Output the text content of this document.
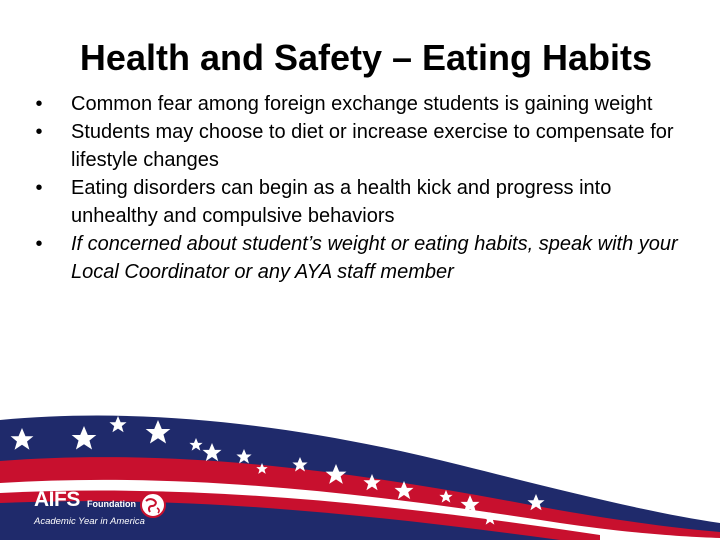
Health and Safety – Eating Habits
•	Common fear among foreign exchange students is gaining weight
•	Students may choose to diet or increase exercise to compensate for lifestyle changes
•	Eating disorders can begin as a health kick and progress into unhealthy and compulsive behaviors
•	If concerned about student’s weight or eating habits, speak with your Local Coordinator or any AYA staff member
AIFS Foundation
Academic Year in America
